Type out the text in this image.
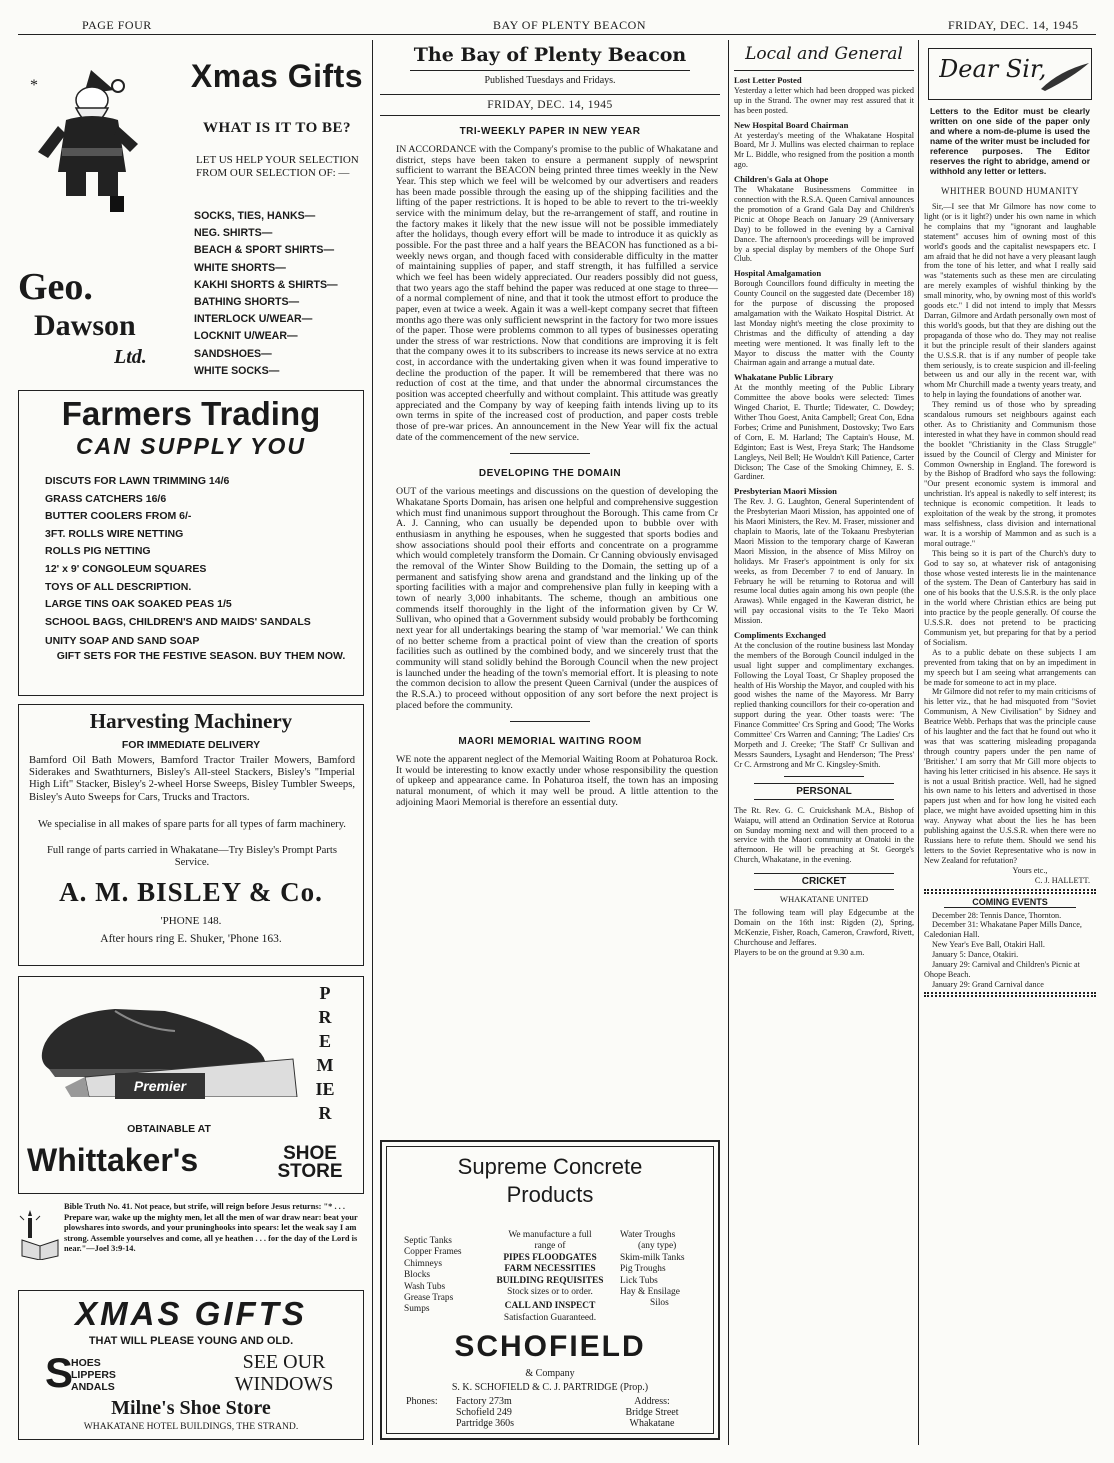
PAGE FOUR	BAY OF PLENTY BEACON	FRIDAY, DEC. 14, 1945
*	Xmas Gifts
WHAT IS IT TO BE?
LET US HELP YOUR SELECTION FROM OUR SELECTION OF: —
SOCKS, TIES, HANKS—
NEG. SHIRTS—
BEACH & SPORT SHIRTS—
WHITE SHORTS—
KAKHI SHORTS & SHIRTS—
BATHING SHORTS—
INTERLOCK U/WEAR—
LOCKNIT U/WEAR—
SANDSHOES—
WHITE SOCKS—
Geo.
Dawson
Ltd.
Farmers Trading
CAN SUPPLY YOU
DISCUTS FOR LAWN TRIMMING 14/6
GRASS CATCHERS 16/6
BUTTER COOLERS FROM 6/-
3FT. ROLLS WIRE NETTING
ROLLS PIG NETTING
12' x 9' CONGOLEUM SQUARES
TOYS OF ALL DESCRIPTION.
LARGE TINS OAK SOAKED PEAS 1/5
SCHOOL BAGS, CHILDREN'S AND MAIDS' SANDALS
UNITY SOAP AND SAND SOAP
GIFT SETS FOR THE FESTIVE SEASON. BUY THEM NOW.
Harvesting Machinery
FOR IMMEDIATE DELIVERY
Bamford Oil Bath Mowers, Bamford Tractor Trailer Mowers, Bamford Siderakes and Swathturners, Bisley's All-steel Stackers, Bisley's "Imperial High Lift" Stacker, Bisley's 2-wheel Horse Sweeps, Bisley Tumbler Sweeps, Bisley's Auto Sweeps for Cars, Trucks and Tractors.
We specialise in all makes of spare parts for all types of farm machinery.
Full range of parts carried in Whakatane—Try Bisley's Prompt Parts Service.
A. M. BISLEY & Co.
'PHONE 148.
After hours ring E. Shuker, 'Phone 163.
Premier
PREMIER
OBTAINABLE AT
Whittaker's	SHOE
STORE
Bible Truth No. 41. Not peace, but strife, will reign before Jesus returns: "* . . . Prepare war, wake up the mighty men, let all the men of war draw near: beat your plowshares into swords, and your pruninghooks into spears: let the weak say I am strong. Assemble yourselves and come, all ye heathen . . . for the day of the Lord is near."—Joel 3:9-14.
XMAS GIFTS
THAT WILL PLEASE YOUNG AND OLD.
S
HOES
LIPPERS
ANDALS
SEE OUR
WINDOWS
Milne's Shoe Store
WHAKATANE HOTEL BUILDINGS, THE STRAND.
The Bay of Plenty Beacon
Published Tuesdays and Fridays.
FRIDAY, DEC. 14, 1945
TRI-WEEKLY PAPER IN NEW YEAR
IN ACCORDANCE with the Company's promise to the public of Whakatane and district, steps have been taken to ensure a permanent supply of newsprint sufficient to warrant the BEACON being printed three times weekly in the New Year. This step which we feel will be welcomed by our advertisers and readers has been made possible through the easing up of the shipping facilities and the lifting of the paper restrictions. It is hoped to be able to revert to the tri-weekly service with the minimum delay, but the re-arrangement of staff, and routine in the factory makes it likely that the new issue will not be possible immediately after the holidays, though every effort will be made to introduce it as quickly as possible. For the past three and a half years the BEACON has functioned as a bi-weekly news organ, and though faced with considerable difficulty in the matter of maintaining supplies of paper, and staff strength, it has fulfilled a service which we feel has been widely appreciated. Our readers possibly did not guess, that two years ago the staff behind the paper was reduced at one stage to three—of a normal complement of nine, and that it took the utmost effort to produce the paper, even at twice a week. Again it was a well-kept company secret that fifteen months ago there was only sufficient newsprint in the factory for two more issues of the paper. Those were problems common to all types of businesses operating under the stress of war restrictions. Now that conditions are improving it is felt that the company owes it to its subscribers to increase its news service at no extra cost, in accordance with the undertaking given when it was found imperative to decline the production of the paper. It will be remembered that there was no reduction of cost at the time, and that under the abnormal circumstances the position was accepted cheerfully and without complaint. This attitude was greatly appreciated and the Company by way of keeping faith intends living up to its own terms in spite of the increased cost of production, and paper costs treble those of pre-war prices. An announcement in the New Year will fix the actual date of the commencement of the new service.
DEVELOPING THE DOMAIN
OUT of the various meetings and discussions on the question of developing the Whakatane Sports Domain, has arisen one helpful and comprehensive suggestion which must find unanimous support throughout the Borough. This came from Cr A. J. Canning, who can usually be depended upon to bubble over with enthusiasm in anything he espouses, when he suggested that sports bodies and show associations should pool their efforts and concentrate on a programme which would completely transform the Domain. Cr Canning obviously envisaged the removal of the Winter Show Building to the Domain, the setting up of a permanent and satisfying show arena and grandstand and the linking up of the sporting facilities with a major and comprehensive plan fully in keeping with a town of nearly 3,000 inhabitants. The scheme, though an ambitious one commends itself thoroughly in the light of the information given by Cr W. Sullivan, who opined that a Government subsidy would probably be forthcoming next year for all undertakings bearing the stamp of 'war memorial.' We can think of no better scheme from a practical point of view than the creation of sports facilities such as outlined by the combined body, and we sincerely trust that the community will stand solidly behind the Borough Council when the new project is launched under the heading of the town's memorial effort. It is pleasing to note the common decision to allow the present Queen Carnival (under the auspices of the R.S.A.) to proceed without opposition of any sort before the next project is placed before the community.
MAORI MEMORIAL WAITING ROOM
WE note the apparent neglect of the Memorial Waiting Room at Pohaturoa Rock. It would be interesting to know exactly under whose responsibility the question of upkeep and appearance came. In Pohaturoa itself, the town has an imposing natural monument, of which it may well be proud. A little attention to the adjoining Maori Memorial is therefore an essential duty.
Supreme Concrete
Products
Septic Tanks
Copper Frames
Chimneys
Blocks
Wash Tubs
Grease Traps
Sumps
We manufacture a full
range of
PIPES FLOODGATES
FARM NECESSITIES
BUILDING REQUISITES
Stock sizes or to order.
CALL AND INSPECT
Satisfaction Guaranteed.
Water Troughs
(any type)
Skim-milk Tanks
Pig Troughs
Lick Tubs
Hay & Ensilage
Silos
SCHOFIELD
& Company
S. K. SCHOFIELD & C. J. PARTRIDGE (Prop.)
Phones:	Factory 273m
Schofield 249
Partridge 360s
Address:
Bridge Street
Whakatane
Local and General
Lost Letter Posted
Yesterday a letter which had been dropped was picked up in the Strand. The owner may rest assured that it has been posted.
New Hospital Board Chairman
At yesterday's meeting of the Whakatane Hospital Board, Mr J. Mullins was elected chairman to replace Mr L. Biddle, who resigned from the position a month ago.
Children's Gala at Ohope
The Whakatane Businessmens Committee in connection with the R.S.A. Queen Carnival announces the promotion of a Grand Gala Day and Children's Picnic at Ohope Beach on January 29 (Anniversary Day) to be followed in the evening by a Carnival Dance. The afternoon's proceedings will be improved by a special display by members of the Ohope Surf Club.
Hospital Amalgamation
Borough Councillors found difficulty in meeting the County Council on the suggested date (December 18) for the purpose of discussing the proposed amalgamation with the Waikato Hospital District. At last Monday night's meeting the close proximity to Christmas and the difficulty of attending a day meeting were mentioned. It was finally left to the Mayor to discuss the matter with the County Chairman again and arrange a mutual date.
Whakatane Public Library
At the monthly meeting of the Public Library Committee the above books were selected: Times Winged Chariot, E. Thurtle; Tidewater, C. Dowdey; Wither Thou Goest, Anita Campbell; Great Con, Edna Forbes; Crime and Punishment, Dostovsky; Two Ears of Corn, E. M. Harland; The Captain's House, M. Edginton; East is West, Freya Stark; The Handsome Langleys, Neil Bell; He Wouldn't Kill Patience, Carter Dickson; The Case of the Smoking Chimney, E. S. Gardiner.
Presbyterian Maori Mission
The Rev. J. G. Laughton, General Superintendent of the Presbyterian Maori Mission, has appointed one of his Maori Ministers, the Rev. M. Fraser, missioner and chaplain to Maoris, late of the Tokaanu Presbyterian Maori Mission to the temporary charge of Kaweran Maori Mission, in the absence of Miss Milroy on holidays. Mr Fraser's appointment is only for six weeks, as from December 7 to end of January. In February he will be returning to Rotorua and will resume local duties again among his own people (the Arawas). While engaged in the Kaweran district, he will pay occasional visits to the Te Teko Maori Mission.
Compliments Exchanged
At the conclusion of the routine business last Monday the members of the Borough Council indulged in the usual light supper and complimentary exchanges. Following the Loyal Toast, Cr Shapley proposed the health of His Worship the Mayor, and coupled with his good wishes the name of the Mayoress. Mr Barry replied thanking councillors for their co-operation and support during the year. Other toasts were: 'The Finance Committee' Crs Spring and Good; 'The Works Committee' Crs Warren and Canning; 'The Ladies' Crs Morpeth and J. Creeke; 'The Staff' Cr Sullivan and Messrs Saunders, Lysaght and Henderson; 'The Press' Cr C. Armstrong and Mr C. Kingsley-Smith.
PERSONAL
The Rt. Rev. G. C. Cruickshank M.A., Bishop of Waiapu, will attend an Ordination Service at Rotorua on Sunday morning next and will then proceed to a service with the Maori community at Onatoki in the afternoon. He will be preaching at St. George's Church, Whakatane, in the evening.
CRICKET
WHAKATANE UNITED
The following team will play Edgecumbe at the Domain on the 16th inst: Rigden (2), Spring, McKenzie, Fisher, Roach, Cameron, Crawford, Rivett, Churchouse and Jeffares.
Players to be on the ground at 9.30 a.m.
Dear Sir,
Letters to the Editor must be clearly written on one side of the paper only and where a nom-de-plume is used the name of the writer must be included for reference purposes. The Editor reserves the right to abridge, amend or withhold any letter or letters.
WHITHER BOUND HUMANITY
Sir,—I see that Mr Gilmore has now come to light (or is it light?) under his own name in which he complains that my "ignorant and laughable statement" accuses him of owning most of this world's goods and the capitalist newspapers etc. I am afraid that he did not have a very pleasant laugh from the tone of his letter, and what I really said was "statements such as these men are circulating are merely examples of wishful thinking by the small minority, who, by owning most of this world's goods etc." I did not intend to imply that Messrs Darran, Gilmore and Ardath personally own most of this world's goods, but that they are dishing out the propaganda of those who do. They may not realise it but the principle result of their slanders against the U.S.S.R. that is if any number of people take them seriously, is to create suspicion and ill-feeling between us and our ally in the recent war, with whom Mr Churchill made a twenty years treaty, and to help in laying the foundations of another war.
They remind us of those who by spreading scandalous rumours set neighbours against each other. As to Christianity and Communism those interested in what they have in common should read the booklet "Christianity in the Class Struggle" issued by the Council of Clergy and Minister for Common Ownership in England. The foreword is by the Bishop of Bradford who says the following: "Our present economic system is immoral and unchristian. It's appeal is nakedly to self interest; its technique is economic competition. It leads to exploitation of the weak by the strong, it promotes mass selfishness, class division and international war. It is a worship of Mammon and as such is a moral outrage."
This being so it is part of the Church's duty to God to say so, at whatever risk of antagonising those whose vested interests lie in the maintenance of the system. The Dean of Canterbury has said in one of his books that the U.S.S.R. is the only place in the world where Christian ethics are being put into practice by the people generally. Of course the U.S.S.R. does not pretend to be practicing Communism yet, but preparing for that by a period of Socialism.
As to a public debate on these subjects I am prevented from taking that on by an impediment in my speech but I am seeing what arrangements can be made for someone to act in my place.
Mr Gilmore did not refer to my main criticisms of his letter viz., that he had misquoted from "Soviet Communism, A New Civilisation" by Sidney and Beatrice Webb. Perhaps that was the principle cause of his laughter and the fact that he found out who it was that was scattering misleading propaganda through country papers under the pen name of 'Britisher.' I am sorry that Mr Gill more objects to having his letter criticised in his absence. He says it is not a usual British practice. Well, had he signed his own name to his letters and advertised in those papers just when and for how long he visited each place, we might have avoided upsetting him in this way. Anyway what about the lies he has been publishing against the U.S.S.R. when there were no Russians here to refute them. Should we send his letters to the Soviet Representative who is now in New Zealand for refutation?
Yours etc.,
C. J. HALLETT.
COMING EVENTS
December 28: Tennis Dance, Thornton.
December 31: Whakatane Paper Mills Dance, Caledonian Hall.
New Year's Eve Ball, Otakiri Hall.
January 5: Dance, Otakiri.
January 29: Carnival and Children's Picnic at Ohope Beach.
January 29: Grand Carnival dance
